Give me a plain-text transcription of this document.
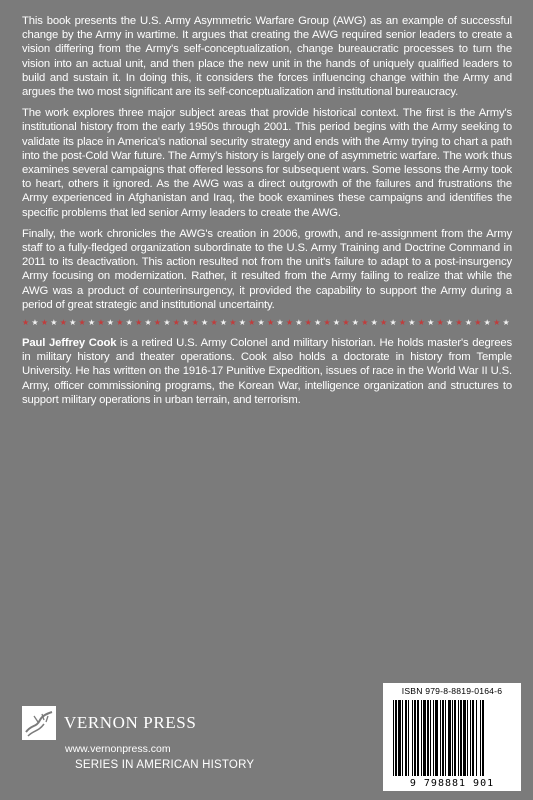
This book presents the U.S. Army Asymmetric Warfare Group (AWG) as an example of successful change by the Army in wartime. It argues that creating the AWG required senior leaders to create a vision differing from the Army's self-conceptualization, change bureaucratic processes to turn the vision into an actual unit, and then place the new unit in the hands of uniquely qualified leaders to build and sustain it. In doing this, it considers the forces influencing change within the Army and argues the two most significant are its self-conceptualization and institutional bureaucracy.

The work explores three major subject areas that provide historical context. The first is the Army's institutional history from the early 1950s through 2001. This period begins with the Army seeking to validate its place in America's national security strategy and ends with the Army trying to chart a path into the post-Cold War future. The Army's history is largely one of asymmetric warfare. The work thus examines several campaigns that offered lessons for subsequent wars. Some lessons the Army took to heart, others it ignored. As the AWG was a direct outgrowth of the failures and frustrations the Army experienced in Afghanistan and Iraq, the book examines these campaigns and identifies the specific problems that led senior Army leaders to create the AWG.

Finally, the work chronicles the AWG's creation in 2006, growth, and re-assignment from the Army staff to a fully-fledged organization subordinate to the U.S. Army Training and Doctrine Command in 2011 to its deactivation. This action resulted not from the unit's failure to adapt to a post-insurgency Army focusing on modernization. Rather, it resulted from the Army failing to realize that while the AWG was a product of counterinsurgency, it provided the capability to support the Army during a period of great strategic and institutional uncertainty.

★ ★ ★ ★ ★ ★ ★ ★ ★ ★ ★ ★ ★ ★ ★ ★ ★ ★ ★ ★ ★ ★ ★ ★ ★ ★ ★ ★ ★ ★ ★ ★ ★ ★ ★ ★ ★ ★ ★ ★ ★ ★ ★ ★ ★ ★ ★ ★ ★ ★ ★ ★

Paul Jeffrey Cook is a retired U.S. Army Colonel and military historian. He holds master's degrees in military history and theater operations. Cook also holds a doctorate in history from Temple University. He has written on the 1916-17 Punitive Expedition, issues of race in the World War II U.S. Army, officer commissioning programs, the Korean War, intelligence organization and structures to support military operations in urban terrain, and terrorism.

VERNON PRESS
www.vernonpress.com
SERIES IN AMERICAN HISTORY
ISBN 979-8-8819-0164-6
9 798881 901
